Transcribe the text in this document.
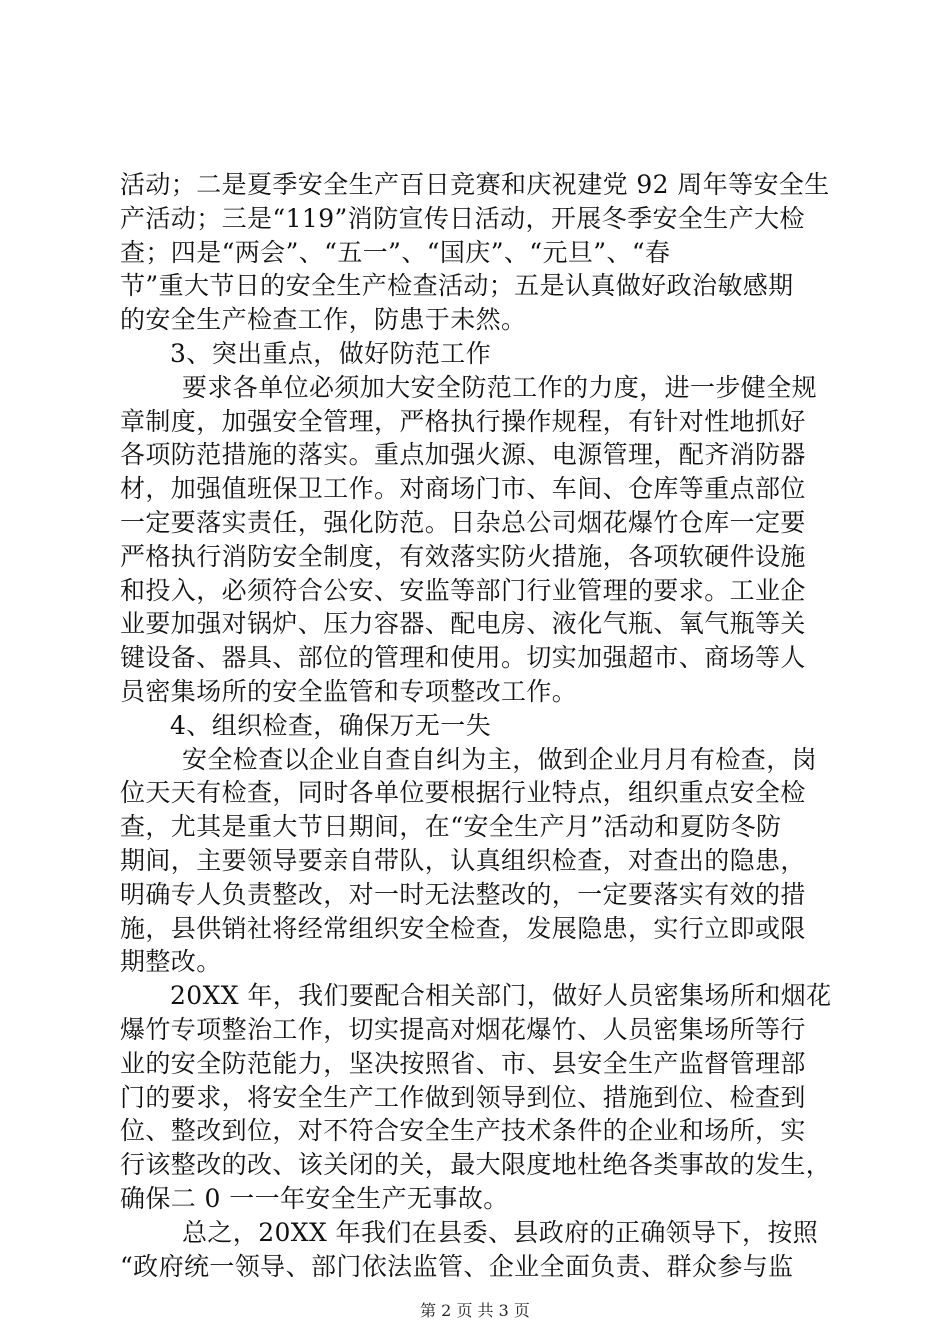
活动；二是夏季安全生产百日竞赛和庆祝建党 92 周年等安全生
产活动；三是“119”消防宣传日活动，开展冬季安全生产大检
查；四是“两会”、“五一”、“国庆”、“元旦”、“春
节”重大节日的安全生产检查活动；五是认真做好政治敏感期
的安全生产检查工作，防患于未然。
3、突出重点，做好防范工作
要求各单位必须加大安全防范工作的力度，进一步健全规
章制度，加强安全管理，严格执行操作规程，有针对性地抓好
各项防范措施的落实。重点加强火源、电源管理，配齐消防器
材，加强值班保卫工作。对商场门市、车间、仓库等重点部位
一定要落实责任，强化防范。日杂总公司烟花爆竹仓库一定要
严格执行消防安全制度，有效落实防火措施，各项软硬件设施
和投入，必须符合公安、安监等部门行业管理的要求。工业企
业要加强对锅炉、压力容器、配电房、液化气瓶、氧气瓶等关
键设备、器具、部位的管理和使用。切实加强超市、商场等人
员密集场所的安全监管和专项整改工作。
4、组织检查，确保万无一失
安全检查以企业自查自纠为主，做到企业月月有检查，岗
位天天有检查，同时各单位要根据行业特点，组织重点安全检
查，尤其是重大节日期间，在“安全生产月”活动和夏防冬防
期间，主要领导要亲自带队，认真组织检查，对查出的隐患，
明确专人负责整改，对一时无法整改的，一定要落实有效的措
施，县供销社将经常组织安全检查，发展隐患，实行立即或限
期整改。
20XX 年，我们要配合相关部门，做好人员密集场所和烟花
爆竹专项整治工作，切实提高对烟花爆竹、人员密集场所等行
业的安全防范能力，坚决按照省、市、县安全生产监督管理部
门的要求，将安全生产工作做到领导到位、措施到位、检查到
位、整改到位，对不符合安全生产技术条件的企业和场所，实
行该整改的改、该关闭的关，最大限度地杜绝各类事故的发生，
确保二 0 一一年安全生产无事故。
总之，20XX 年我们在县委、县政府的正确领导下，按照
“政府统一领导、部门依法监管、企业全面负责、群众参与监
第 2 页 共 3 页
